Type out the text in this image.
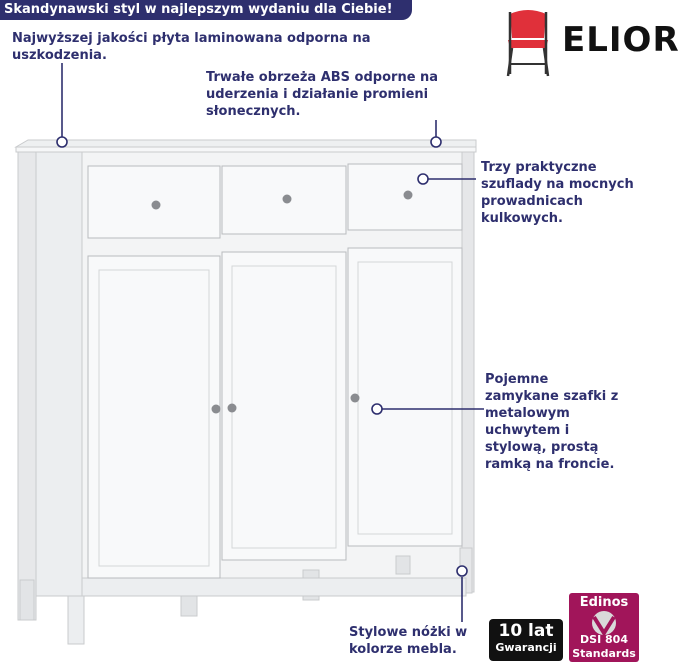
Skandynawski styl w najlepszym wydaniu dla Ciebie!
ELIOR
Najwyższej jakości płyta laminowana odporna na
uszkodzenia.
Trwałe obrzeża ABS odporne na
uderzenia i działanie promieni
słonecznych.
Trzy praktyczne
szuflady na mocnych
prowadnicach
kulkowych.
Pojemne
zamykane szafki z
metalowym
uchwytem i
stylową, prostą
ramką na froncie.
Stylowe nóżki w
kolorze mebla.
10 lat
Gwarancji
Edinos
DSI 804
Standards
